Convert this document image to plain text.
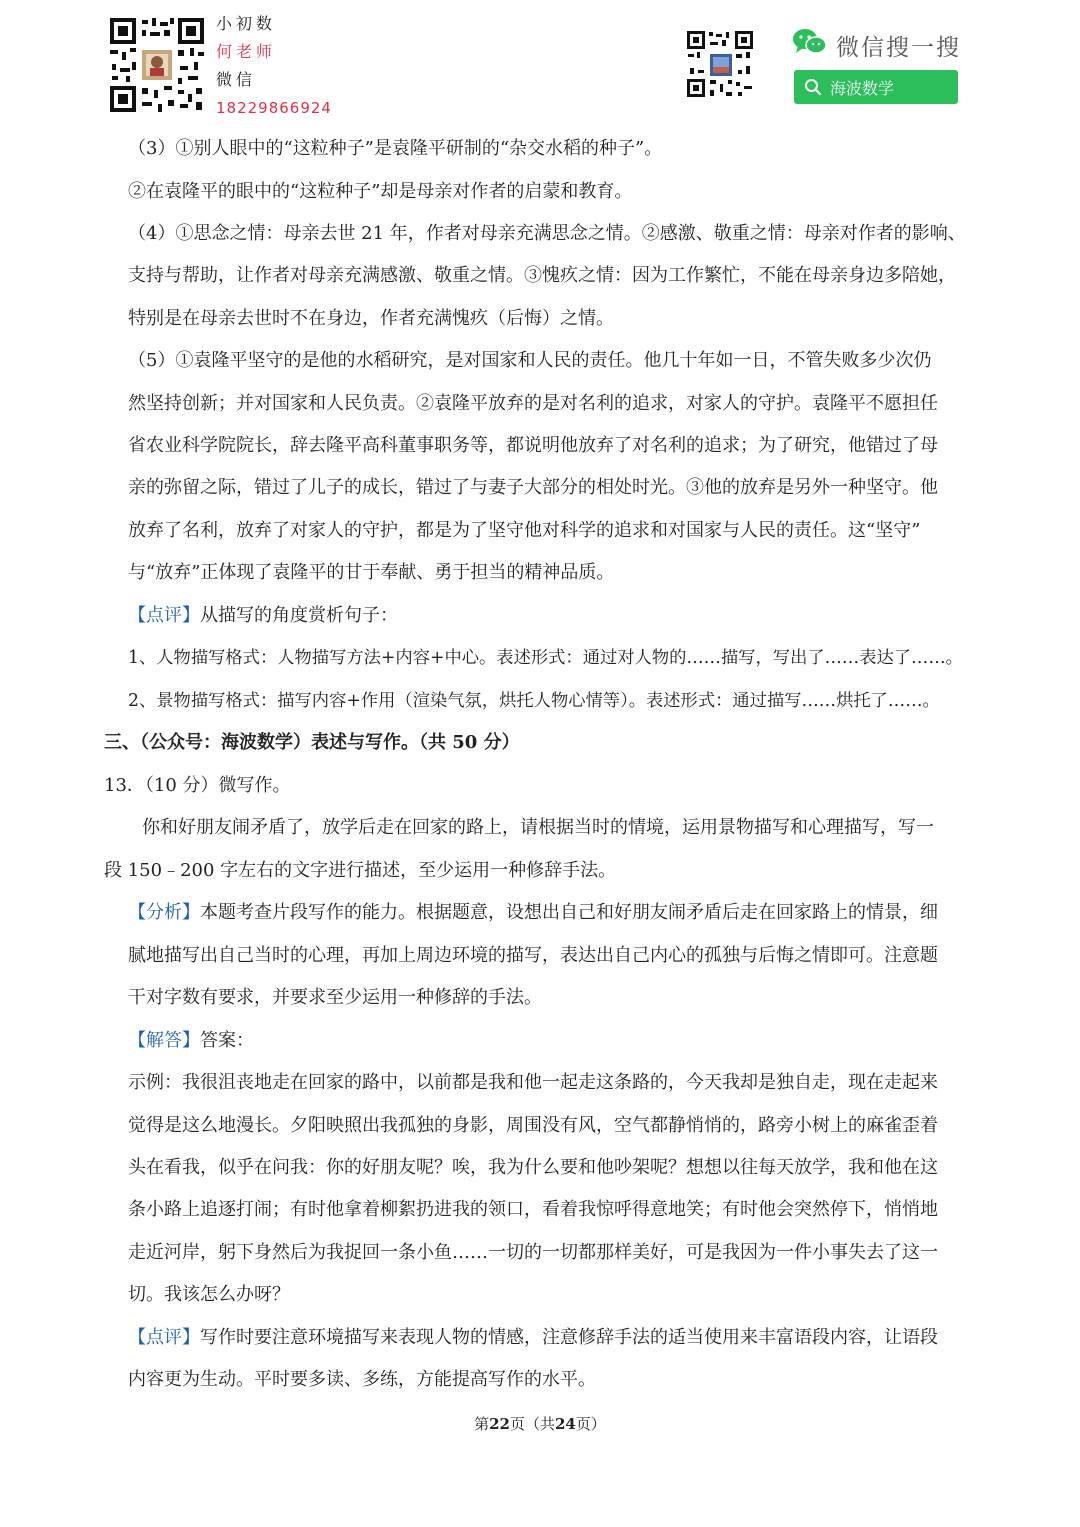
小初数
何老师
微信
18229866924
微信搜一搜
海波数学
（3）①别人眼中的“这粒种子”是袁隆平研制的“杂交水稻的种子”。
②在袁隆平的眼中的“这粒种子”却是母亲对作者的启蒙和教育。
（4）①思念之情：母亲去世 21 年，作者对母亲充满思念之情。②感激、敬重之情：母亲对作者的影响、
支持与帮助，让作者对母亲充满感激、敬重之情。③愧疚之情：因为工作繁忙，不能在母亲身边多陪她，
特别是在母亲去世时不在身边，作者充满愧疚（后悔）之情。
（5）①袁隆平坚守的是他的水稻研究，是对国家和人民的责任。他几十年如一日，不管失败多少次仍
然坚持创新；并对国家和人民负责。②袁隆平放弃的是对名利的追求，对家人的守护。袁隆平不愿担任
省农业科学院院长，辞去隆平高科董事职务等，都说明他放弃了对名利的追求；为了研究，他错过了母
亲的弥留之际，错过了儿子的成长，错过了与妻子大部分的相处时光。③他的放弃是另外一种坚守。他
放弃了名利，放弃了对家人的守护，都是为了坚守他对科学的追求和对国家与人民的责任。这“坚守”
与“放弃”正体现了袁隆平的甘于奉献、勇于担当的精神品质。
【点评】从描写的角度赏析句子：
1、人物描写格式：人物描写方法+内容+中心。表述形式：通过对人物的……描写，写出了……表达了……。
2、景物描写格式：描写内容+作用（渲染气氛，烘托人物心情等）。表述形式：通过描写……烘托了……。
三、（公众号：海波数学）表述与写作。（共 50 分）
13．（10 分）微写作。
你和好朋友闹矛盾了，放学后走在回家的路上，请根据当时的情境，运用景物描写和心理描写，写一
段 150﹣200 字左右的文字进行描述，至少运用一种修辞手法。
【分析】本题考查片段写作的能力。根据题意，设想出自己和好朋友闹矛盾后走在回家路上的情景，细
腻地描写出自己当时的心理，再加上周边环境的描写，表达出自己内心的孤独与后悔之情即可。注意题
干对字数有要求，并要求至少运用一种修辞的手法。
【解答】答案：
示例：我很沮丧地走在回家的路中，以前都是我和他一起走这条路的，今天我却是独自走，现在走起来
觉得是这么地漫长。夕阳映照出我孤独的身影，周围没有风，空气都静悄悄的，路旁小树上的麻雀歪着
头在看我，似乎在问我：你的好朋友呢？唉，我为什么要和他吵架呢？想想以往每天放学，我和他在这
条小路上追逐打闹；有时他拿着柳絮扔进我的领口，看着我惊呼得意地笑；有时他会突然停下，悄悄地
走近河岸，躬下身然后为我捉回一条小鱼……一切的一切都那样美好，可是我因为一件小事失去了这一
切。我该怎么办呀？
【点评】写作时要注意环境描写来表现人物的情感，注意修辞手法的适当使用来丰富语段内容，让语段
内容更为生动。平时要多读、多练，方能提高写作的水平。
第22页（共24页）
